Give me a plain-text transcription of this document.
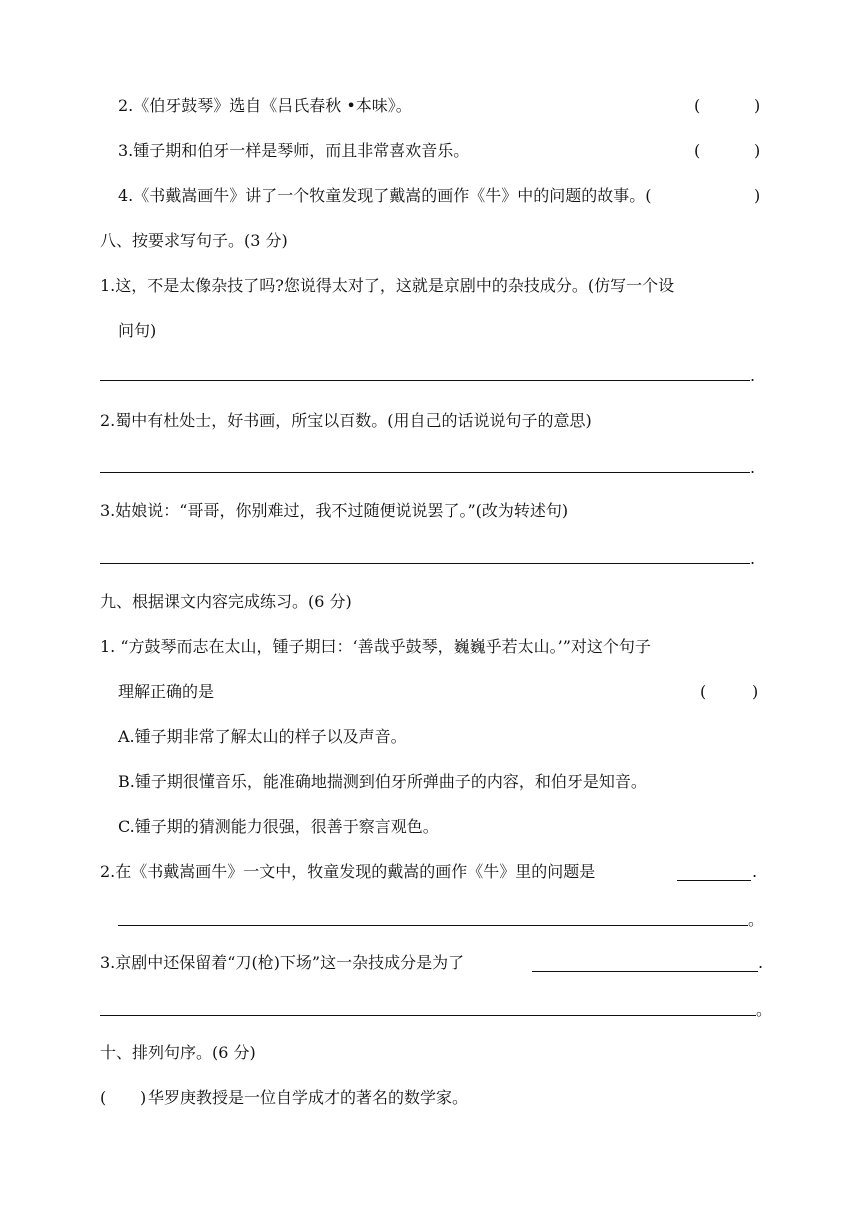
2.《伯牙鼓琴》选自《吕氏春秋 •本味》。	(	)
3.锺子期和伯牙一样是琴师，而且非常喜欢音乐。	(	)
4.《书戴嵩画牛》讲了一个牧童发现了戴嵩的画作《牛》中的问题的故事。(	)
八、按要求写句子。(3 分)
1.这，不是太像杂技了吗?您说得太对了，这就是京剧中的杂技成分。(仿写一个设
问句)
.
2.蜀中有杜处士，好书画，所宝以百数。(用自己的话说说句子的意思)
.
3.姑娘说：“哥哥，你别难过，我不过随便说说罢了。”(改为转述句)
.
九、根据课文内容完成练习。(6 分)
1. “方鼓琴而志在太山，锺子期曰：‘善哉乎鼓琴，巍巍乎若太山。’”对这个句子
理解正确的是	(	)
A.锺子期非常了解太山的样子以及声音。
B.锺子期很懂音乐，能准确地揣测到伯牙所弹曲子的内容，和伯牙是知音。
C.锺子期的猜测能力很强，很善于察言观色。
2.在《书戴嵩画牛》一文中，牧童发现的戴嵩的画作《牛》里的问题是	.
。
3.京剧中还保留着“刀(枪)下场”这一杂技成分是为了	.
。
十、排列句序。(6 分)
( ) 华罗庚教授是一位自学成才的著名的数学家。
